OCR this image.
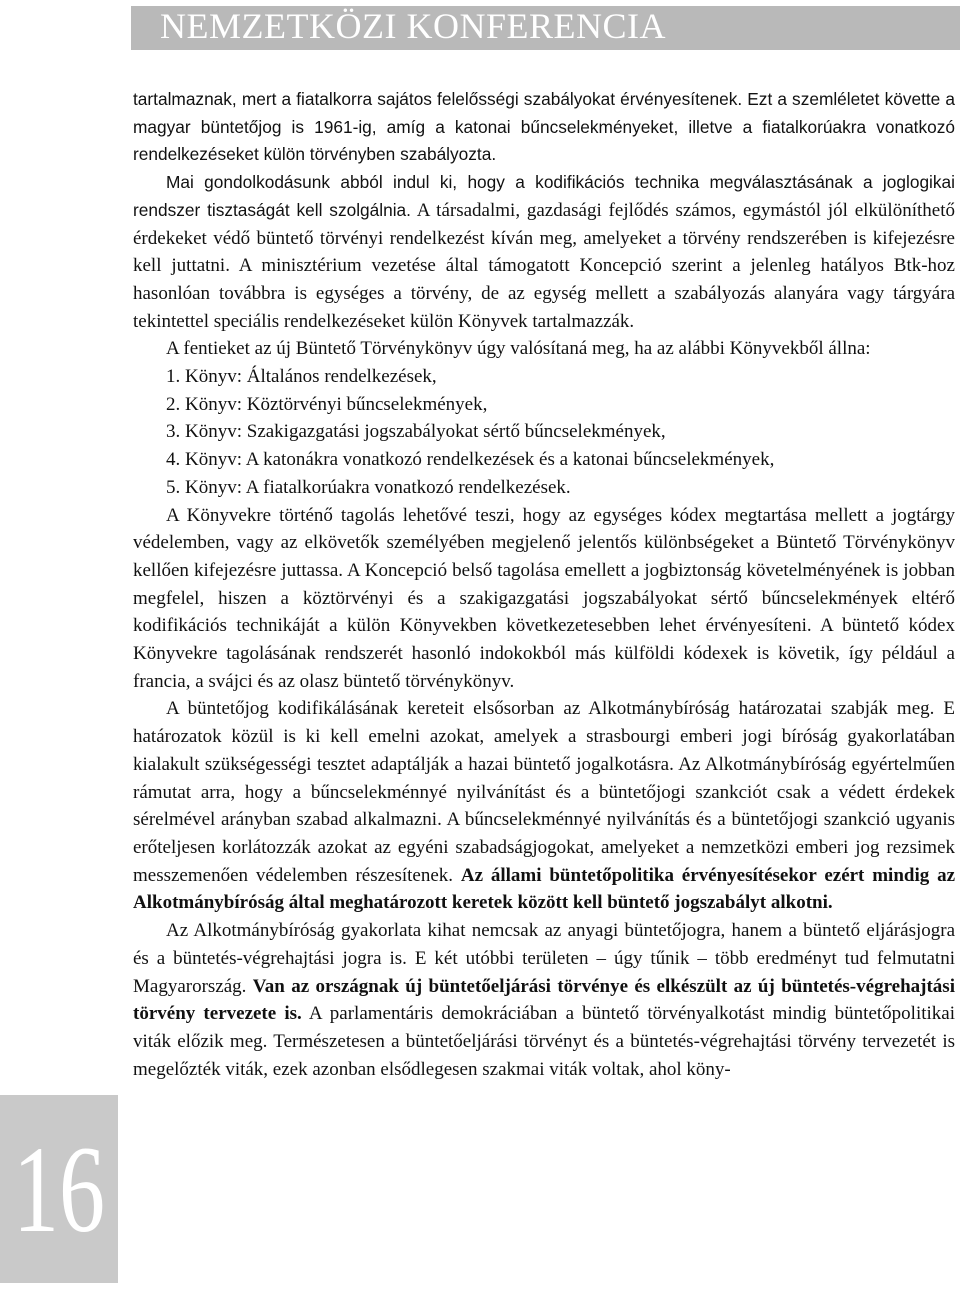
NEMZETKÖZI KONFERENCIA
16

tartalmaznak, mert a fiatalkorra sajátos felelősségi szabályokat érvényesítenek. Ezt a szemléletet követte a magyar büntetőjog is 1961-ig, amíg a katonai bűncselekményeket, illetve a fiatalkorúakra vonatkozó rendelkezéseket külön törvényben szabályozta.

Mai gondolkodásunk abból indul ki, hogy a kodifikációs technika megválasztásának a joglogikai rendszer tisztaságát kell szolgálnia. A társadalmi, gazdasági fejlődés számos, egymástól jól elkülöníthető érdekeket védő büntető törvényi rendelkezést kíván meg, amelyeket a törvény rendszerében is kifejezésre kell juttatni. A minisztérium vezetése által támogatott Koncepció szerint a jelenleg hatályos Btk-hoz hasonlóan továbbra is egységes a törvény, de az egység mellett a szabályozás alanyára vagy tárgyára tekintettel speciális rendelkezéseket külön Könyvek tartalmazzák.

A fentieket az új Büntető Törvénykönyv úgy valósítaná meg, ha az alábbi Könyvekből állna:

1. Könyv: Általános rendelkezések,
2. Könyv: Köztörvényi bűncselekmények,
3. Könyv: Szakigazgatási jogszabályokat sértő bűncselekmények,
4. Könyv: A katonákra vonatkozó rendelkezések és a katonai bűncselekmények,
5. Könyv: A fiatalkorúakra vonatkozó rendelkezések.

A Könyvekre történő tagolás lehetővé teszi, hogy az egységes kódex megtartása mellett a jogtárgy védelemben, vagy az elkövetők személyében megjelenő jelentős különbségeket a Büntető Törvénykönyv kellően kifejezésre juttassa. A Koncepció belső tagolása emellett a jogbiztonság követelményének is jobban megfelel, hiszen a köztörvényi és a szakigazgatási jogszabályokat sértő bűncselekmények eltérő kodifikációs technikáját a külön Könyvekben következetesebben lehet érvényesíteni. A büntető kódex Könyvekre tagolásának rendszerét hasonló indokokból más külföldi kódexek is követik, így például a francia, a svájci és az olasz büntető törvénykönyv.

A büntetőjog kodifikálásának kereteit elsősorban az Alkotmánybíróság határozatai szabják meg. E határozatok közül is ki kell emelni azokat, amelyek a strasbourgi emberi jogi bíróság gyakorlatában kialakult szükségességi tesztet adaptálják a hazai büntető jogalkotásra. Az Alkotmánybíróság egyértelműen rámutat arra, hogy a bűncselekménnyé nyilvánítást és a büntetőjogi szankciót csak a védett érdekek sérelmével arányban szabad alkalmazni. A bűncselekménnyé nyilvánítás és a büntetőjogi szankció ugyanis erőteljesen korlátozzák azokat az egyéni szabadságjogokat, amelyeket a nemzetközi emberi jog rezsimek messzemenően védelemben részesítenek. Az állami büntetőpolitika érvényesítésekor ezért mindig az Alkotmánybíróság által meghatározott keretek között kell büntető jogszabályt alkotni.

Az Alkotmánybíróság gyakorlata kihat nemcsak az anyagi büntetőjogra, hanem a büntető eljárásjogra és a büntetés-végrehajtási jogra is. E két utóbbi területen – úgy tűnik – több eredményt tud felmutatni Magyarország. Van az országnak új büntetőeljárási törvénye és elkészült az új büntetés-végrehajtási törvény tervezete is. A parlamentáris demokráciában a büntető törvényalkotást mindig büntetőpolitikai viták előzik meg. Természetesen a büntetőeljárási törvényt és a büntetés-végrehajtási törvény tervezetét is megelőzték viták, ezek azonban elsődlegesen szakmai viták voltak, ahol köny-
